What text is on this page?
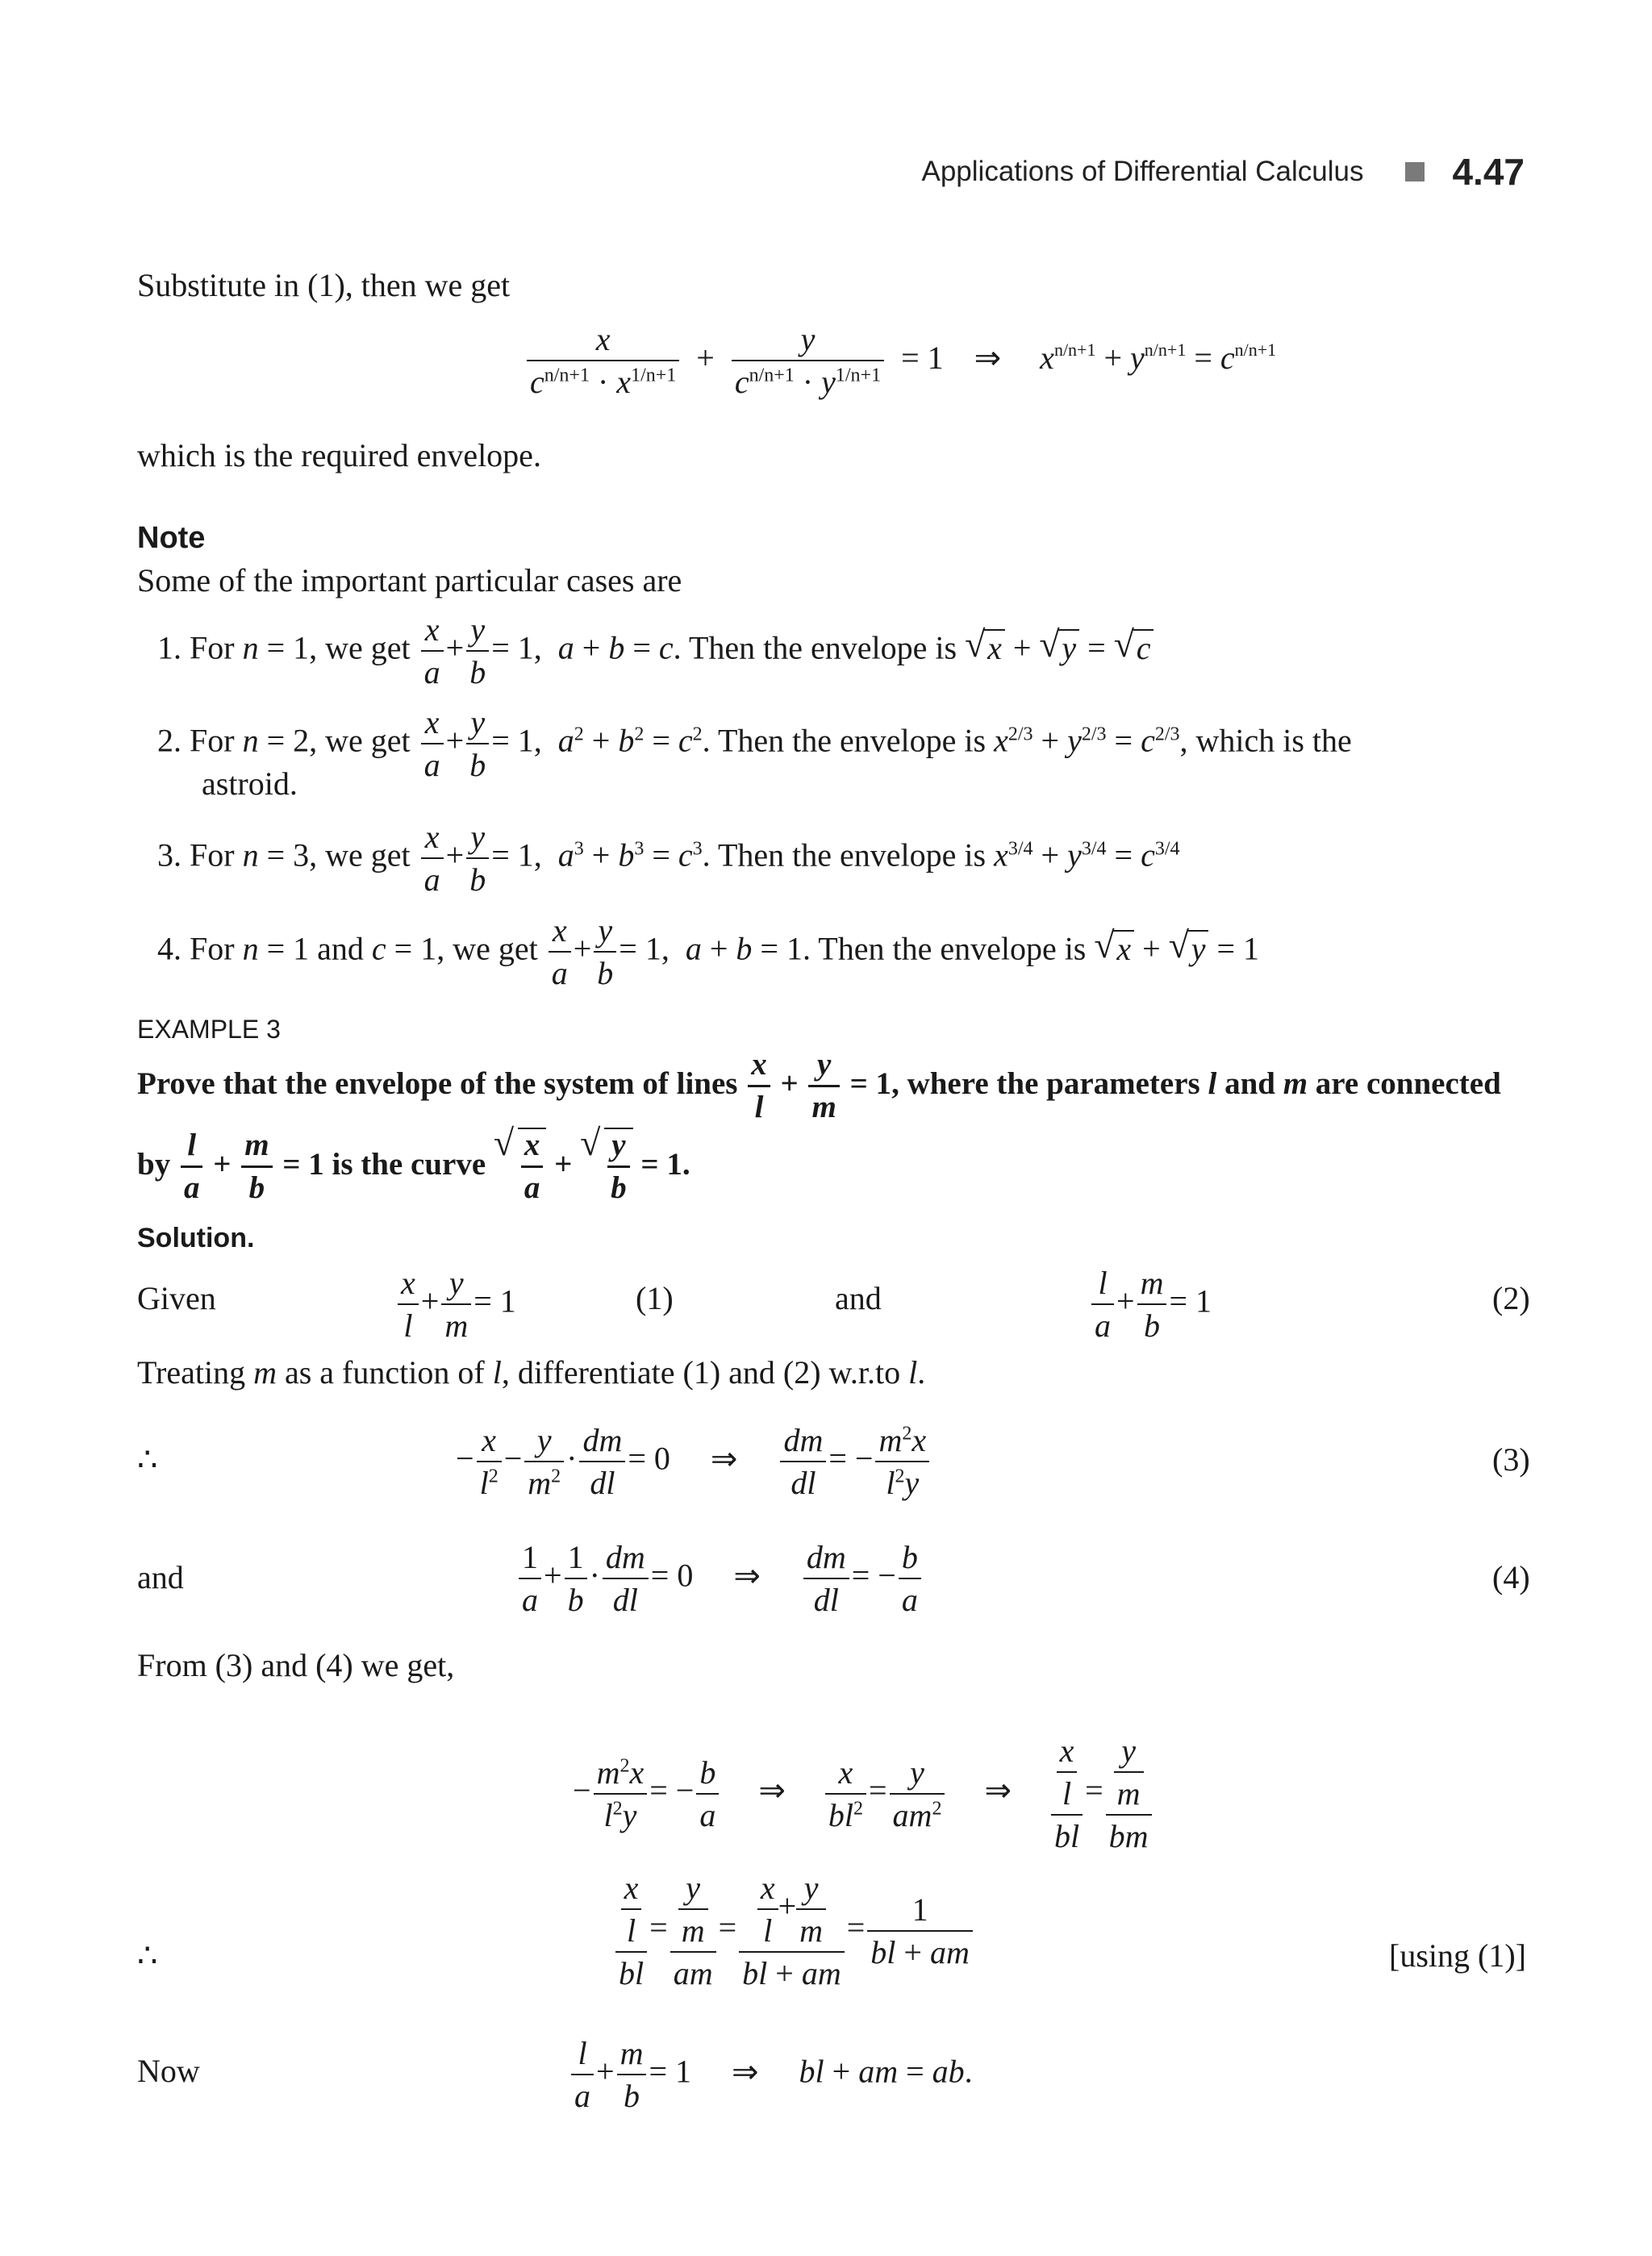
Applications of Differential Calculus 4.47
Substitute in (1), then we get
$\frac{x}{c^{n/n+1} \cdot x^{1/n+1}} + \frac{y}{c^{n/n+1} \cdot y^{1/n+1}} = 1$ ⇒ $x^{n/n+1} + y^{n/n+1} = c^{n/n+1}$
which is the required envelope.
Note
Some of the important particular cases are
1. For n = 1, we get $\frac{x}{a} + \frac{y}{b} = 1$,  a + b = c. Then the envelope is √ x + √ y = √ c
2. For n = 2, we get $\frac{x}{a} + \frac{y}{b} = 1$,  $a^2 + b^2 = c^2$. Then the envelope is $x^{2/3} + y^{2/3} = c^{2/3}$, which is the
astroid.
3. For n = 3, we get $\frac{x}{a} + \frac{y}{b} = 1$,  $a^3 + b^3 = c^3$. Then the envelope is $x^{3/4} + y^{3/4} = c^{3/4}$
4. For n = 1 and c = 1, we get $\frac{x}{a} + \frac{y}{b} = 1$,  a + b = 1. Then the envelope is √ x + √ y = 1
EXAMPLE 3
Prove that the envelope of the system of lines $\frac{x}{l} + \frac{y}{m} = 1$, where the parameters l and m are connected
by $\frac{l}{a} + \frac{m}{b} = 1$ is the curve √ $\frac{x}{a}$ + √ $\frac{y}{b} = 1$.
Solution.
Given	$\frac{x}{l} + \frac{y}{m} = 1$	(1)	and	$\frac{l}{a} + \frac{m}{b} = 1$	(2)
Treating m as a function of l, differentiate (1) and (2) w.r.to l.
∴	− $\frac{x}{l^2} - \frac{y}{m^2} \cdot \frac{dm}{dl} = 0$ ⇒ $\frac{dm}{dl}$ = − $\frac{m^2x}{l^2y}$	(3)
and	$\frac{1}{a} + \frac{1}{b} \cdot \frac{dm}{dl} = 0$ ⇒ $\frac{dm}{dl}$ = − $\frac{b}{a}$	(4)
From (3) and (4) we get,
− $\frac{m^2x}{l^2y}$ = − $\frac{b}{a}$ ⇒ $\frac{x}{bl^2} = \frac{y}{am^2}$ ⇒ $\frac{\frac{x}{l}}{bl} = \frac{\frac{y}{m}}{bm}$
∴	$\frac{\frac{x}{l}}{bl} = \frac{\frac{y}{m}}{am} = \frac{\frac{x}{l} + \frac{y}{m}}{bl + am} = \frac{1}{bl + am}$	[using (1)]
Now	$\frac{l}{a} + \frac{m}{b} = 1$ ⇒ bl + am = ab.
